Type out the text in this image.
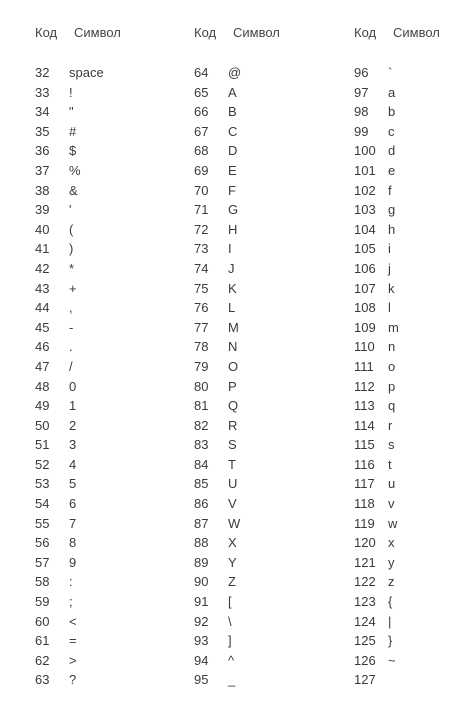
Код Символ
32 space
33 !
34 "
35 #
36 $
37 %
38 &
39 '
40 (
41 )
42 *
43 +
44 ,
45 -
46 .
47 /
48 0
49 1
50 2
51 3
52 4
53 5
54 6
55 7
56 8
57 9
58 :
59 ;
60 <
61 =
62 >
63 ?
Код Символ
64 @
65 A
66 B
67 C
68 D
69 E
70 F
71 G
72 H
73 I
74 J
75 K
76 L
77 M
78 N
79 O
80 P
81 Q
82 R
83 S
84 T
85 U
86 V
87 W
88 X
89 Y
90 Z
91 [
92 \
93 ]
94 ^
95 _
Код Символ
96 `
97 a
98 b
99 c
100 d
101 e
102 f
103 g
104 h
105 i
106 j
107 k
108 l
109 m
110 n
111 o
112 p
113 q
114 r
115 s
116 t
117 u
118 v
119 w
120 x
121 y
122 z
123 {
124 |
125 }
126 ~
127
